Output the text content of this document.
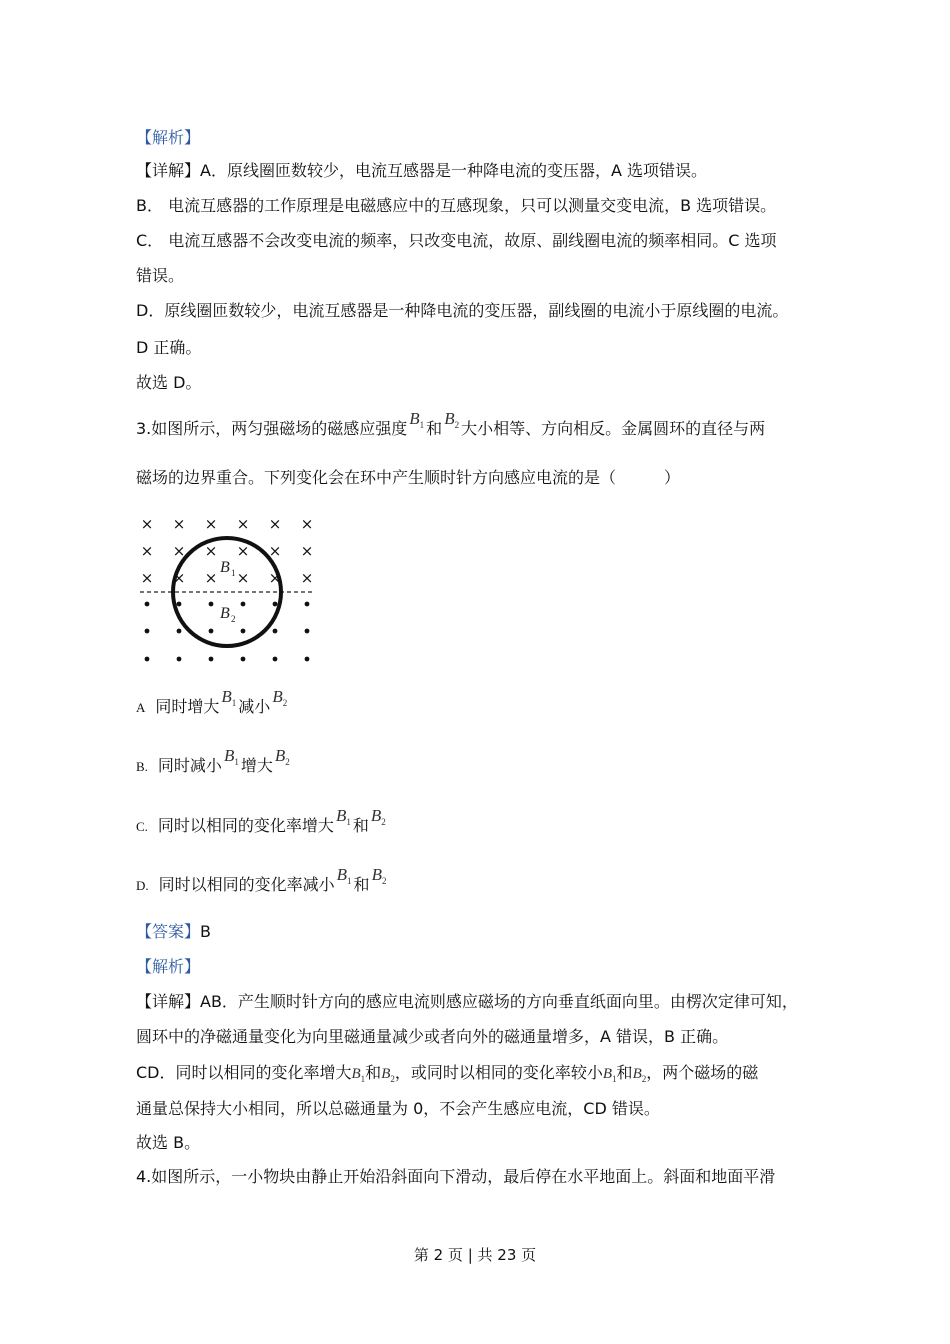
【解析】
【详解】A．原线圈匝数较少，电流互感器是一种降电流的变压器，A 选项错误。
B． 电流互感器的工作原理是电磁感应中的互感现象，只可以测量交变电流，B 选项错误。
C． 电流互感器不会改变电流的频率，只改变电流，故原、副线圈电流的频率相同。C 选项
错误。
D．原线圈匝数较少，电流互感器是一种降电流的变压器，副线圈的电流小于原线圈的电流。
D 正确。
故选 D。
3.如图所示，两匀强磁场的磁感应强度$B_1$ 和$B_2$ 大小相等、方向相反。金属圆环的直径与两
磁场的边界重合。下列变化会在环中产生顺时针方向感应电流的是（　　　）
× × × × × ×
× × × × × ×
× × × × × ×
B 1
B 2
A 同时增大$B_1$ 减小$B_2$
B. 同时减小$B_1$ 增大$B_2$
C. 同时以相同的变化率增大$B_1$ 和$B_2$
D. 同时以相同的变化率减小$B_1$ 和$B_2$
【答案】B
【解析】
【详解】AB．产生顺时针方向的感应电流则感应磁场的方向垂直纸面向里。由楞次定律可知，
圆环中的净磁通量变化为向里磁通量减少或者向外的磁通量增多，A 错误，B 正确。
CD．同时以相同的变化率增大$B_1$和$B_2$，或同时以相同的变化率较小$B_1$和$B_2$，两个磁场的磁
通量总保持大小相同，所以总磁通量为 0，不会产生感应电流，CD 错误。
故选 B。
4.如图所示，一小物块由静止开始沿斜面向下滑动，最后停在水平地面上。斜面和地面平滑
第 2 页 | 共 23 页
